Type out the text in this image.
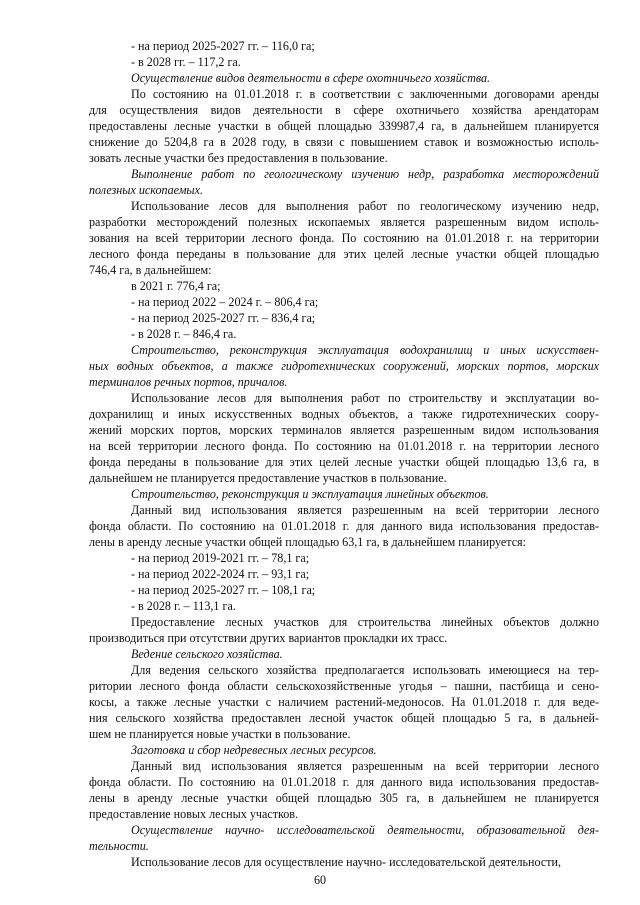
- на период 2025-2027 гг. – 116,0 га;
- в 2028 гг. – 117,2 га.
Осуществление видов деятельности в сфере охотничьего хозяйства.
По состоянию на 01.01.2018 г. в соответствии с заключенными договорами аренды
для осуществления видов деятельности в сфере охотничьего хозяйства арендаторам
предоставлены лесные участки в общей площадью 339987,4 га, в дальнейшем планируется
снижение до 5204,8 га в 2028 году, в связи с повышением ставок и возможностью исполь-
зовать лесные участки без предоставления в пользование.
Выполнение работ по геологическому изучению недр, разработка месторождений
полезных ископаемых.
Использование лесов для выполнения работ по геологическому изучению недр,
разработки месторождений полезных ископаемых является разрешенным видом исполь-
зования на всей территории лесного фонда. По состоянию на 01.01.2018 г. на территории
лесного фонда переданы в пользование для этих целей лесные участки общей площадью
746,4 га, в дальнейшем:
в 2021 г. 776,4 га;
- на период 2022 – 2024 г. – 806,4 га;
- на период 2025-2027 гг. – 836,4 га;
- в 2028 г. – 846,4 га.
Строительство, реконструкция эксплуатация водохранилищ и иных искусствен-
ных водных объектов, а также гидротехнических сооружений, морских портов, морских
терминалов речных портов, причалов.
Использование лесов для выполнения работ по строительству и эксплуатации во-
дохранилищ и иных искусственных водных объектов, а также гидротехнических соору-
жений морских портов, морских терминалов является разрешенным видом использования
на всей территории лесного фонда. По состоянию на 01.01.2018 г. на территории лесного
фонда переданы в пользование для этих целей лесные участки общей площадью 13,6 га, в
дальнейшем не планируется предоставление участков в пользование.
Строительство, реконструкция и эксплуатация линейных объектов.
Данный вид использования является разрешенным на всей территории лесного
фонда области. По состоянию на 01.01.2018 г. для данного вида использования предостав-
лены в аренду лесные участки общей площадью 63,1 га, в дальнейшем планируется:
- на период 2019-2021 гг. – 78,1 га;
- на период 2022-2024 гг. – 93,1 га;
- на период 2025-2027 гг. – 108,1 га;
- в 2028 г. – 113,1 га.
Предоставление лесных участков для строительства линейных объектов должно
производиться при отсутствии других вариантов прокладки их трасс.
Ведение сельского хозяйства.
Для ведения сельского хозяйства предполагается использовать имеющиеся на тер-
ритории лесного фонда области сельскохозяйственные угодья – пашни, пастбища и сено-
косы, а также лесные участки с наличием растений-медоносов. На 01.01.2018 г. для веде-
ния сельского хозяйства предоставлен лесной участок общей площадью 5 га, в дальней-
шем не планируется новые участки в пользование.
Заготовка и сбор недревесных лесных ресурсов.
Данный вид использования является разрешенным на всей территории лесного
фонда области. По состоянию на 01.01.2018 г. для данного вида использования предостав-
лены в аренду лесные участки общей площадью 305 га, в дальнейшем не планируется
предоставление новых лесных участков.
Осуществление научно- исследовательской деятельности, образовательной дея-
тельности.
Использование лесов для осуществление научно- исследовательской деятельности,
60
